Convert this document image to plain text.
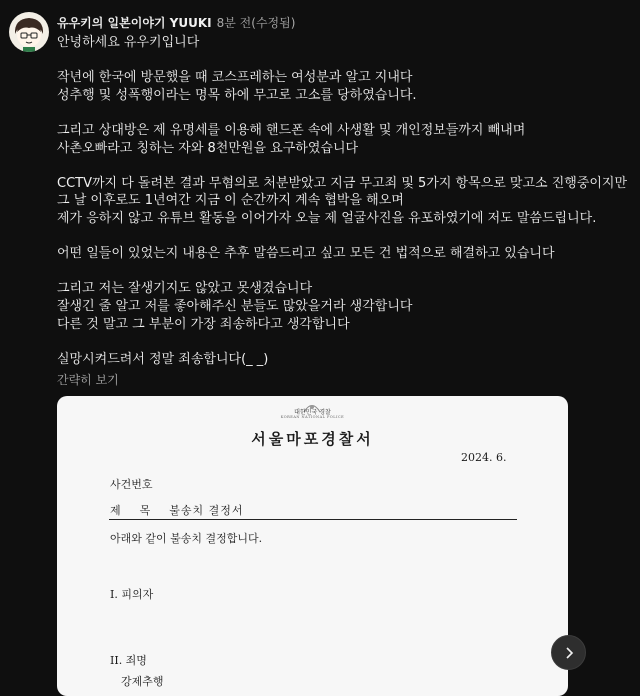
유우키의 일본이야기 YUUKI 8분 전(수정됨)

안녕하세요 유우키입니다

작년에 한국에 방문했을 때 코스프레하는 여성분과 알고 지내다

성추행 및 성폭행이라는 명목 하에 무고로 고소를 당하였습니다.

그리고 상대방은 제 유명세를 이용해 핸드폰 속에 사생활 및 개인정보들까지 빼내며

사촌오빠라고 칭하는 자와 8천만원을 요구하였습니다

CCTV까지 다 돌려본 결과 무혐의로 처분받았고 지금 무고죄 및 5가지 항목으로 맞고소 진행중이지만

그 날 이후로도 1년여간 지금 이 순간까지 계속 협박을 해오며

제가 응하지 않고 유튜브 활동을 이어가자 오늘 제 얼굴사진을 유포하였기에 저도 말씀드립니다.

어떤 일들이 있었는지 내용은 추후 말씀드리고 싶고 모든 건 법적으로 해결하고 있습니다

그리고 저는 잘생기지도 않았고 못생겼습니다

잘생긴 줄 알고 저를 좋아해주신 분들도 많았을거라 생각합니다

다른 것 말고 그 부분이 가장 죄송하다고 생각합니다

실망시켜드려서 정말 죄송합니다(_ _)

간략히 보기
대한민국 경찰
KOREAN NATIONAL POLICE
서울마포경찰서
2024. 6.
사건번호
제    목    불송치 결정서
아래와 같이 불송치 결정합니다.
I. 피의자
II. 죄명
강제추행
